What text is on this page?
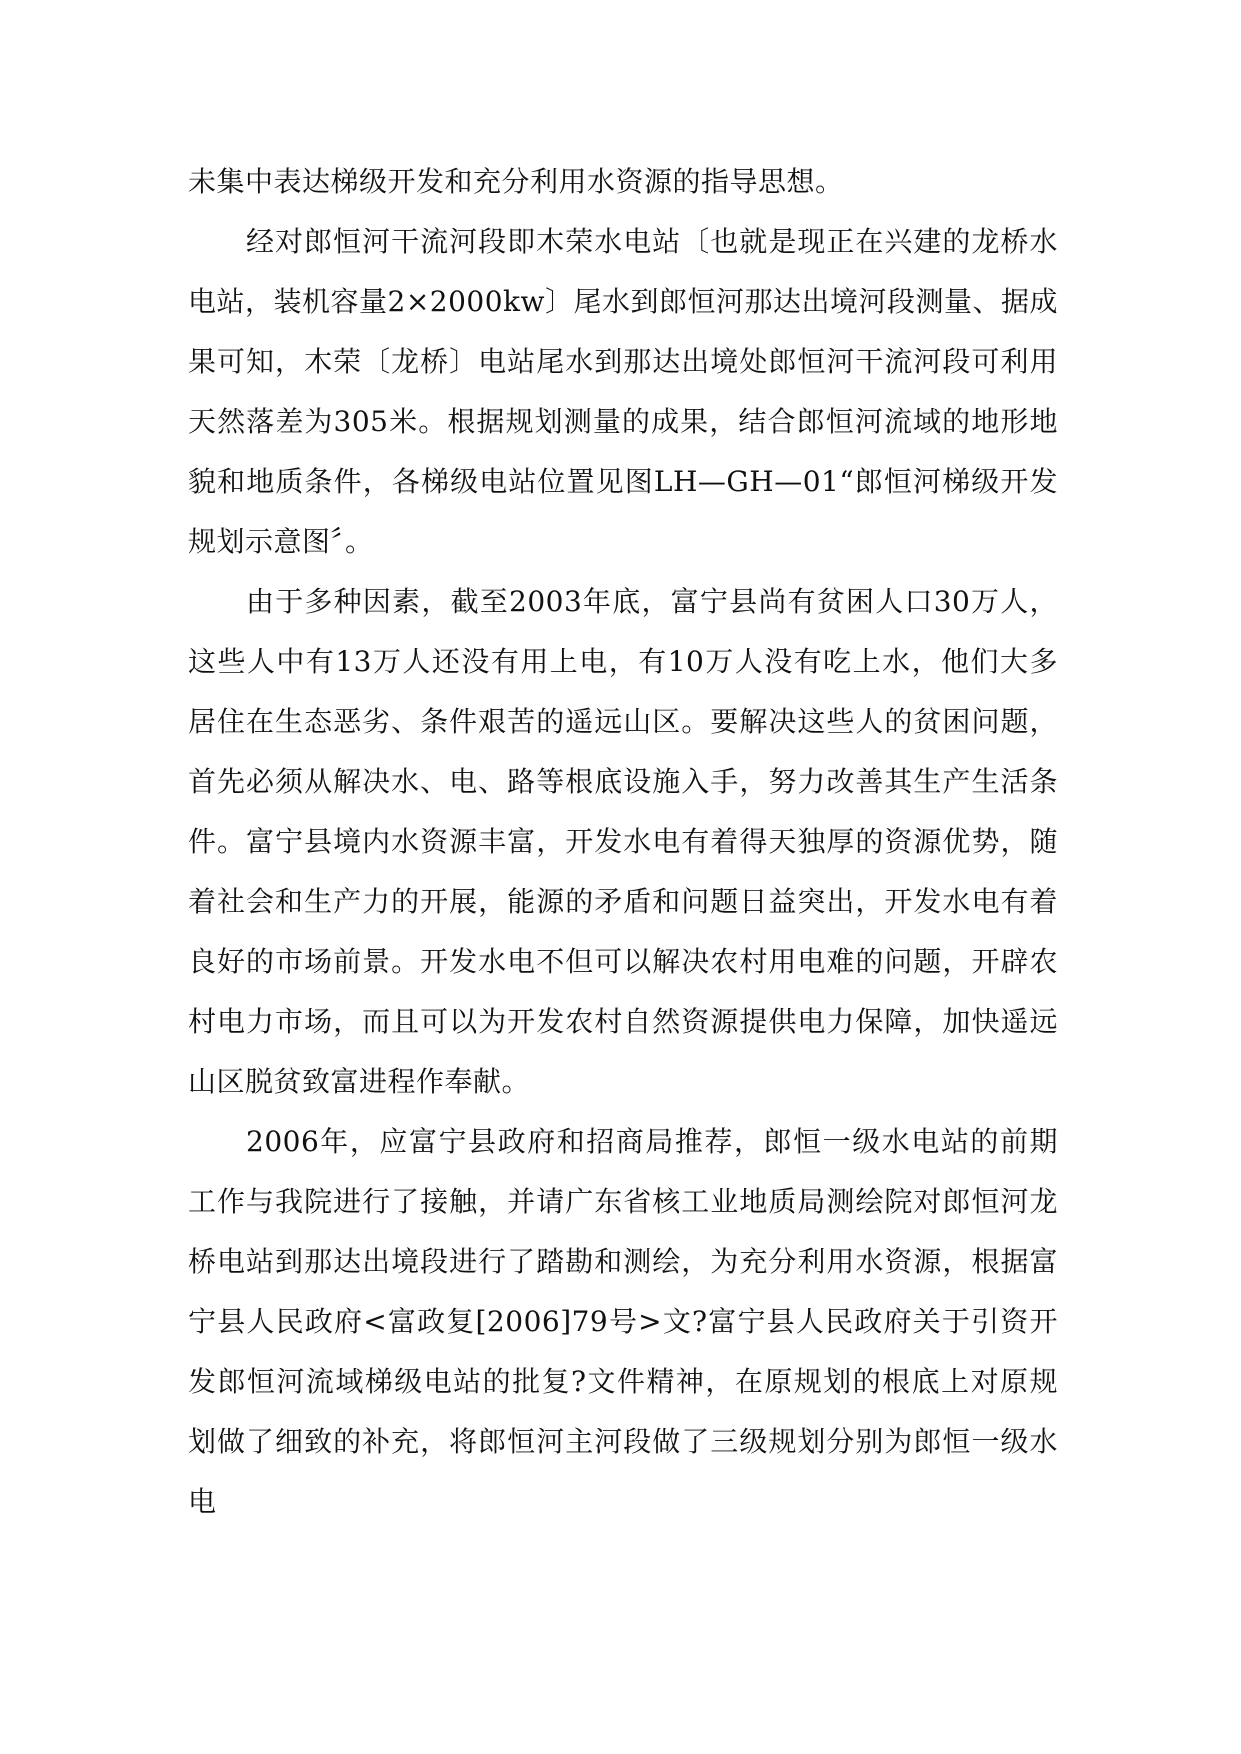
未集中表达梯级开发和充分利用水资源的指导思想。

经对郎恒河干流河段即木荣水电站〔也就是现正在兴建的龙桥水电站，装机容量2×2000kw〕尾水到郎恒河那达出境河段测量、据成果可知，木荣〔龙桥〕电站尾水到那达出境处郎恒河干流河段可利用天然落差为305米。根据规划测量的成果，结合郎恒河流域的地形地貌和地质条件，各梯级电站位置见图LH—GH—01“郎恒河梯级开发规划示意图〞。

由于多种因素，截至2003年底，富宁县尚有贫困人口30万人，这些人中有13万人还没有用上电，有10万人没有吃上水，他们大多居住在生态恶劣、条件艰苦的遥远山区。要解决这些人的贫困问题，首先必须从解决水、电、路等根底设施入手，努力改善其生产生活条件。富宁县境内水资源丰富，开发水电有着得天独厚的资源优势，随着社会和生产力的开展，能源的矛盾和问题日益突出，开发水电有着良好的市场前景。开发水电不但可以解决农村用电难的问题，开辟农村电力市场，而且可以为开发农村自然资源提供电力保障，加快遥远山区脱贫致富进程作奉献。

2006年，应富宁县政府和招商局推荐，郎恒一级水电站的前期工作与我院进行了接触，并请广东省核工业地质局测绘院对郎恒河龙桥电站到那达出境段进行了踏勘和测绘，为充分利用水资源，根据富宁县人民政府<富政复[2006]79号>文?富宁县人民政府关于引资开发郎恒河流域梯级电站的批复?文件精神，在原规划的根底上对原规划做了细致的补充，将郎恒河主河段做了三级规划分别为郎恒一级水电
